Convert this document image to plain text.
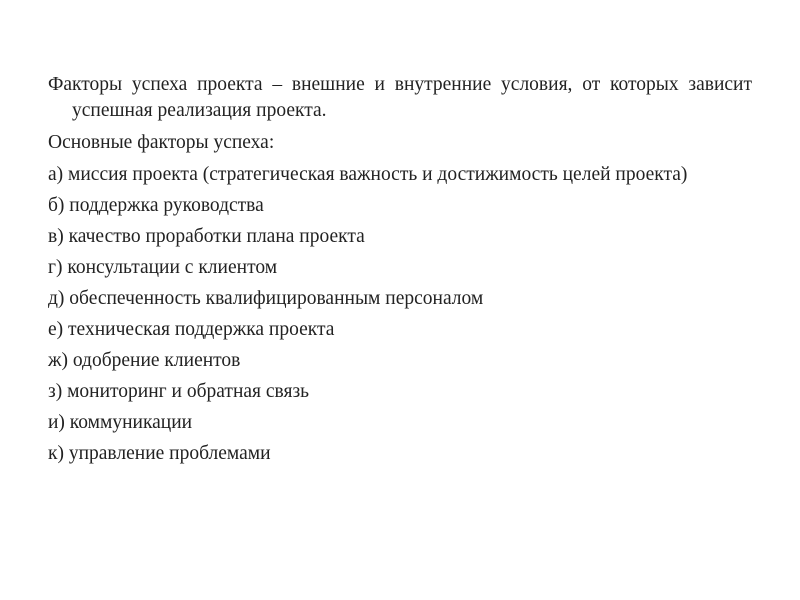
Факторы успеха проекта – внешние и внутренние условия, от которых зависит успешная реализация проекта.

Основные факторы успеха:

а) миссия проекта (стратегическая важность и достижимость целей проекта)
б) поддержка руководства
в) качество проработки плана проекта
г) консультации с клиентом
д) обеспеченность квалифицированным персоналом
е) техническая поддержка проекта
ж) одобрение клиентов
з) мониторинг и обратная связь
и) коммуникации
к) управление проблемами
